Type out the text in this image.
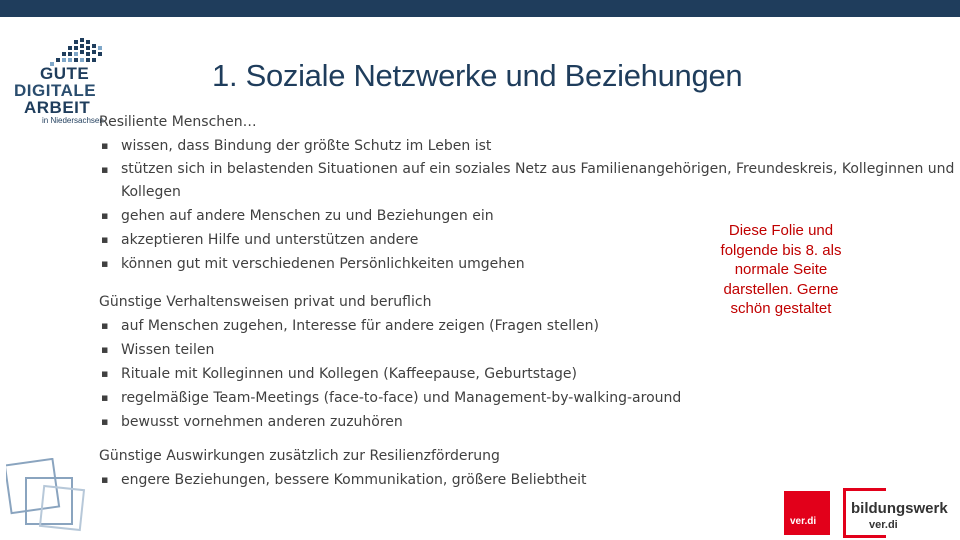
GUTE
DIGITALE
ARBEIT
in Niedersachsen
1. Soziale Netzwerke und Beziehungen
Resiliente Menschen…
▪ wissen, dass Bindung der größte Schutz im Leben ist
▪ stützen sich in belastenden Situationen auf ein soziales Netz aus Familienangehörigen, Freundeskreis, Kolleginnen und Kollegen
▪ gehen auf andere Menschen zu und Beziehungen ein
▪ akzeptieren Hilfe und unterstützen andere
▪ können gut mit verschiedenen Persönlichkeiten umgehen
Günstige Verhaltensweisen privat und beruflich
▪ auf Menschen zugehen, Interesse für andere zeigen (Fragen stellen)
▪ Wissen teilen
▪ Rituale mit Kolleginnen und Kollegen (Kaffeepause, Geburtstage)
▪ regelmäßige Team-Meetings (face-to-face) und Management-by-walking-around
▪ bewusst vornehmen anderen zuzuhören
Günstige Auswirkungen zusätzlich zur Resilienzförderung
▪ engere Beziehungen, bessere Kommunikation, größere Beliebtheit
Diese Folie und
folgende bis 8. als
normale Seite
darstellen. Gerne
schön gestaltet
ver.di
bildungswerk
ver.di
